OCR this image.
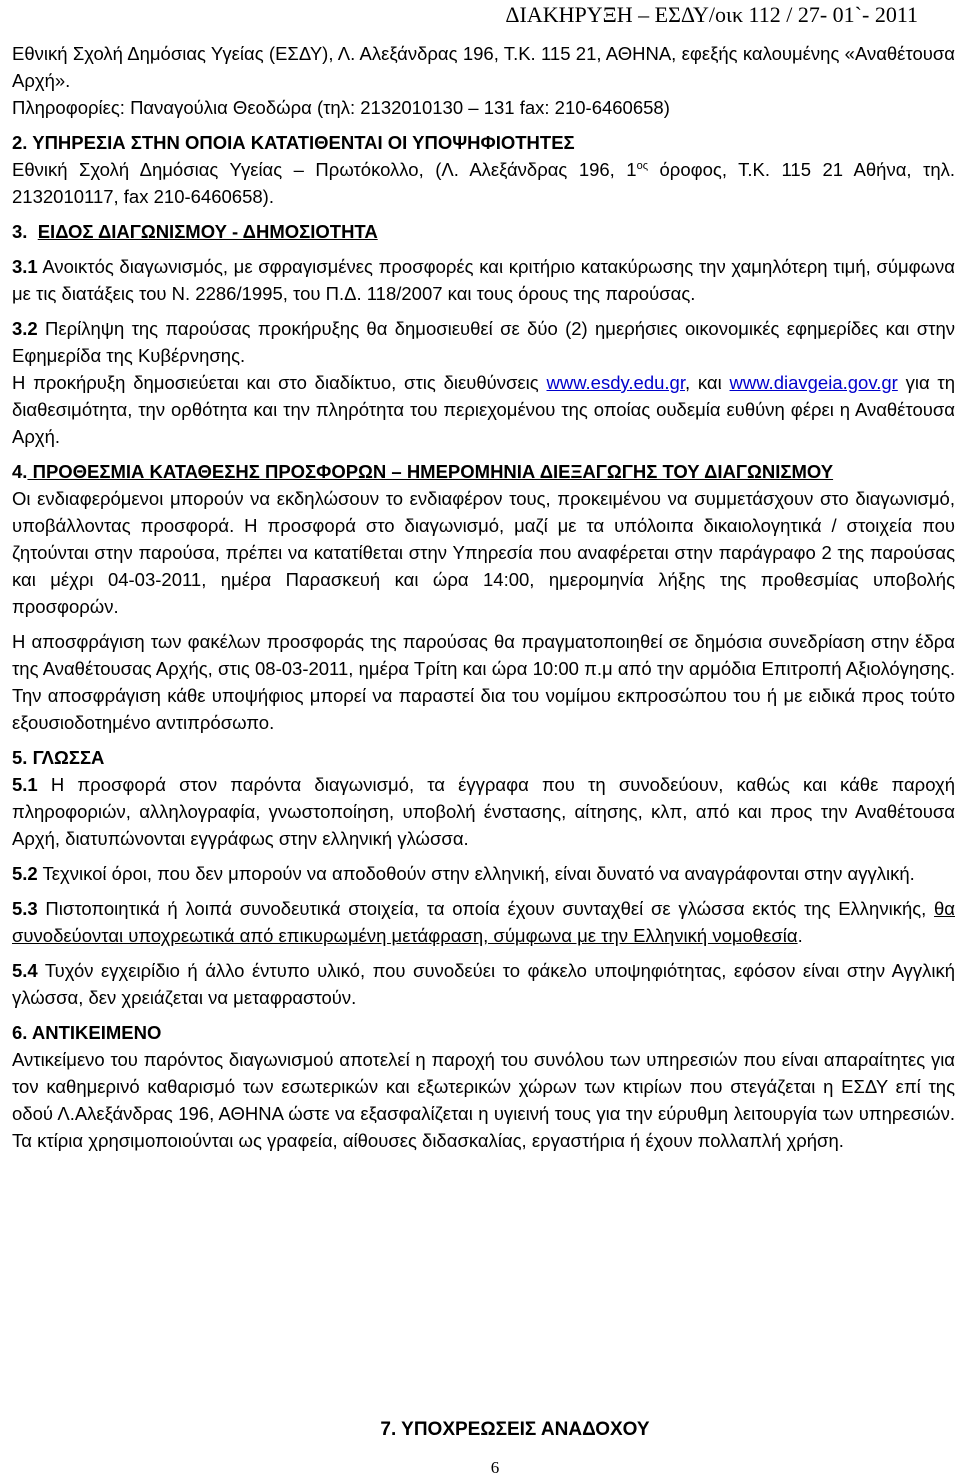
ΔΙΑΚΗΡΥΞΗ – ΕΣΔΥ/οικ 112 / 27- 01`- 2011

Εθνική Σχολή Δημόσιας Υγείας (ΕΣΔΥ), Λ. Αλεξάνδρας 196, Τ.Κ. 115 21, ΑΘΗΝΑ, εφεξής καλουμένης «Αναθέτουσα Αρχή».

Πληροφορίες: Παναγούλια Θεοδώρα (τηλ: 2132010130 – 131 fax: 210-6460658)

2. ΥΠΗΡΕΣΙΑ ΣΤΗΝ ΟΠΟΙΑ ΚΑΤΑΤΙΘΕΝΤΑΙ ΟΙ ΥΠΟΨΗΦΙΟΤΗΤΕΣ

Εθνική Σχολή Δημόσιας Υγείας – Πρωτόκολλο, (Λ. Αλεξάνδρας 196, $1^{o\varsigma}$ όροφος, Τ.Κ. 115 21 Αθήνα, τηλ. 2132010117, fax 210-6460658).

3. ΕΙΔΟΣ ΔΙΑΓΩΝΙΣΜΟΥ - ΔΗΜΟΣΙΟΤΗΤΑ

3.1 Ανοικτός διαγωνισμός, με σφραγισμένες προσφορές και κριτήριο κατακύρωσης την χαμηλότερη τιμή, σύμφωνα με τις διατάξεις του Ν. 2286/1995, του Π.Δ. 118/2007 και τους όρους της παρούσας.

3.2 Περίληψη της παρούσας προκήρυξης θα δημοσιευθεί σε δύο (2) ημερήσιες οικονομικές εφημερίδες και στην Εφημερίδα της Κυβέρνησης.

Η προκήρυξη δημοσιεύεται και στο διαδίκτυο, στις διευθύνσεις www.esdy.edu.gr, και www.diavgeia.gov.gr για τη διαθεσιμότητα, την ορθότητα και την πληρότητα του περιεχομένου της οποίας ουδεμία ευθύνη φέρει η Αναθέτουσα Αρχή.

4. ΠΡΟΘΕΣΜΙΑ ΚΑΤΑΘΕΣΗΣ ΠΡΟΣΦΟΡΩΝ – ΗΜΕΡΟΜΗΝΙΑ ΔΙΕΞΑΓΩΓΗΣ ΤΟΥ ΔΙΑΓΩΝΙΣΜΟΥ

Οι ενδιαφερόμενοι μπορούν να εκδηλώσουν το ενδιαφέρον τους, προκειμένου να συμμετάσχουν στο διαγωνισμό, υποβάλλοντας προσφορά. Η προσφορά στο διαγωνισμό, μαζί με τα υπόλοιπα δικαιολογητικά / στοιχεία που ζητούνται στην παρούσα, πρέπει να κατατίθεται στην Υπηρεσία που αναφέρεται στην παράγραφο 2 της παρούσας και μέχρι 04-03-2011, ημέρα Παρασκευή και ώρα 14:00, ημερομηνία λήξης της προθεσμίας υποβολής προσφορών.

Η αποσφράγιση των φακέλων προσφοράς της παρούσας θα πραγματοποιηθεί σε δημόσια συνεδρίαση στην έδρα της Αναθέτουσας Αρχής, στις 08-03-2011, ημέρα Τρίτη και ώρα 10:00 π.μ από την αρμόδια Επιτροπή Αξιολόγησης. Την αποσφράγιση κάθε υποψήφιος μπορεί να παραστεί δια του νομίμου εκπροσώπου του ή με ειδικά προς τούτο εξουσιοδοτημένο αντιπρόσωπο.

5. ΓΛΩΣΣΑ

5.1 Η προσφορά στον παρόντα διαγωνισμό, τα έγγραφα που τη συνοδεύουν, καθώς και κάθε παροχή πληροφοριών, αλληλογραφία, γνωστοποίηση, υποβολή ένστασης, αίτησης, κλπ, από και προς την Αναθέτουσα Αρχή, διατυπώνονται εγγράφως στην ελληνική γλώσσα.

5.2 Τεχνικοί όροι, που δεν μπορούν να αποδοθούν στην ελληνική, είναι δυνατό να αναγράφονται στην αγγλική.

5.3 Πιστοποιητικά ή λοιπά συνοδευτικά στοιχεία, τα οποία έχουν συνταχθεί σε γλώσσα εκτός της Ελληνικής, θα συνοδεύονται υποχρεωτικά από επικυρωμένη μετάφραση, σύμφωνα με την Ελληνική νομοθεσία.

5.4 Τυχόν εγχειρίδιο ή άλλο έντυπο υλικό, που συνοδεύει το φάκελο υποψηφιότητας, εφόσον είναι στην Αγγλική γλώσσα, δεν χρειάζεται να μεταφραστούν.

6. ΑΝΤΙΚΕΙΜΕΝΟ

Αντικείμενο του παρόντος διαγωνισμού αποτελεί η παροχή του συνόλου των υπηρεσιών που είναι απαραίτητες για τον καθημερινό καθαρισμό των εσωτερικών και εξωτερικών χώρων των κτιρίων που στεγάζεται η ΕΣΔΥ επί της οδού Λ.Αλεξάνδρας 196, ΑΘΗΝΑ ώστε να εξασφαλίζεται η υγιεινή τους για την εύρυθμη λειτουργία των υπηρεσιών. Τα κτίρια χρησιμοποιούνται ως γραφεία, αίθουσες διδασκαλίας, εργαστήρια ή έχουν πολλαπλή χρήση.

7. ΥΠΟΧΡΕΩΣΕΙΣ ΑΝΑΔΟΧΟΥ
6
